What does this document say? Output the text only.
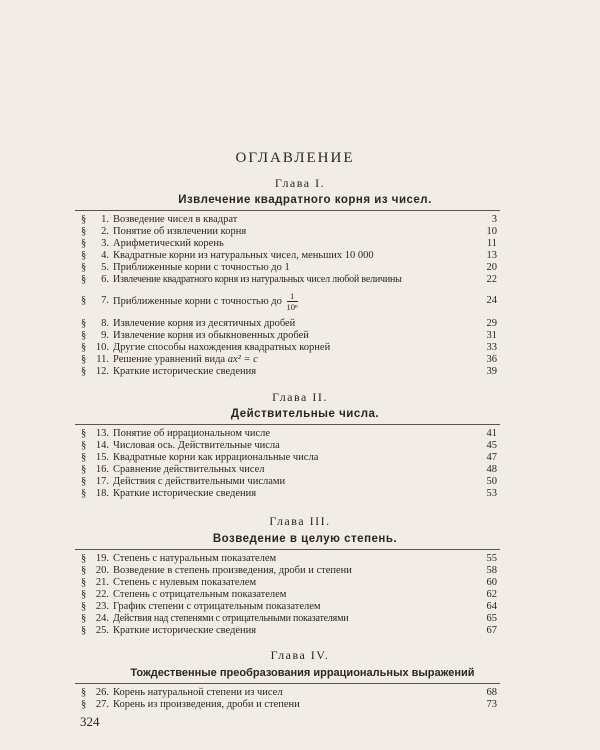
ОГЛАВЛЕНИЕ
Глава I.
Извлечение квадратного корня из чисел.
§	1. Возведение чисел в квадрат	3
§	2. Понятие об извлечении корня	10
§	3. Арифметический корень	11
§	4. Квадратные корни из натуральных чисел, меньших 10 000	13
§	5. Приближенные корни с точностью до 1	20
§	6. Извлечение квадратного корня из натуральных чисел любой величины	22
§	7. Приближенные корни с точностью до $\frac{1}{\text{10ⁿ}}$	24
§	8. Извлечение корня из десятичных дробей	29
§	9. Извлечение корня из обыкновенных дробей	31
§ 10. Другие способы нахождения квадратных корней	33
§ 11. Решение уравнений вида ax² = c	36
§ 12. Краткие исторические сведения	39
Глава II.
Действительные числа.
§ 13. Понятие об иррациональном числе	41
§ 14. Числовая ось. Действительные числа	45
§ 15. Квадратные корни как иррациональные числа	47
§ 16. Сравнение действительных чисел	48
§ 17. Действия с действительными числами	50
§ 18. Краткие исторические сведения	53
Глава III.
Возведение в целую степень.
§ 19. Степень с натуральным показателем	55
§ 20. Возведение в степень произведения, дроби и степени	58
§ 21. Степень с нулевым показателем	60
§ 22. Степень с отрицательным показателем	62
§ 23. График степени с отрицательным показателем	64
§ 24. Действия над степенями с отрицательными показателями	65
§ 25. Краткие исторические сведения	67
Глава IV.
Тождественные преобразования иррациональных выражений
§ 26. Корень натуральной степени из чисел	68
§ 27. Корень из произведения, дроби и степени	73
324
